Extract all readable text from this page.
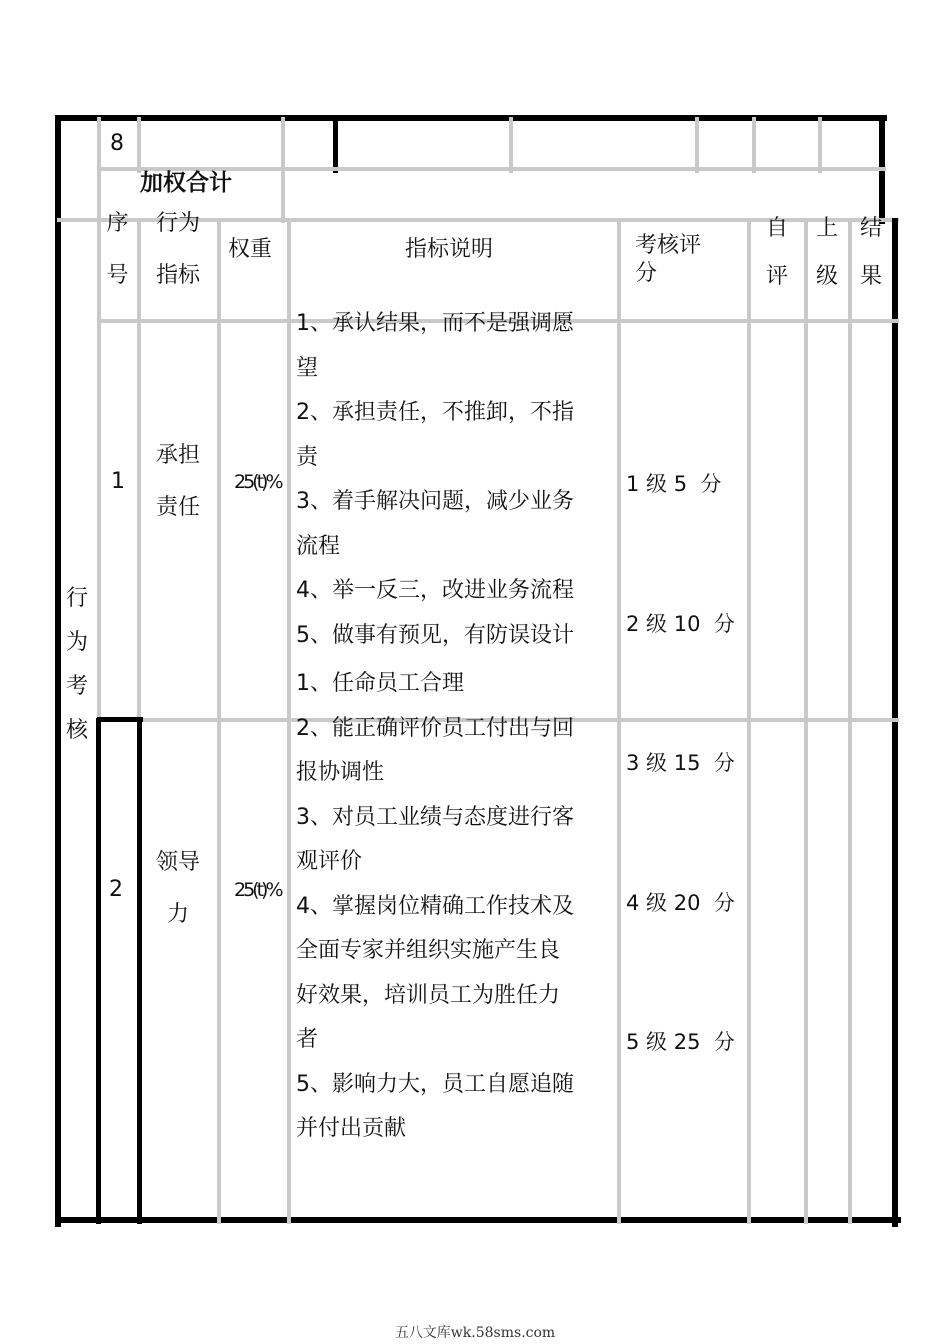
8
加权合计
序
号
行为
指标
权重	指标说明	考核评
分
自
评
上
级
结
果
行
为
考
核
1
承担
责任
25(t)%
1、承认结果，而不是强调愿
望
2、承担责任，不推卸，不指
责
3、着手解决问题，减少业务
流程
4、举一反三，改进业务流程
5、做事有预见，有防误设计

1 级 5  分

2 级 10  分

3 级 15  分

4 级 20  分

5 级 25  分

2
领导
力
25(t)%
1、任命员工合理
2、能正确评价员工付出与回
报协调性
3、对员工业绩与态度进行客
观评价
4、掌握岗位精确工作技术及
全面专家并组织实施产生良
好效果，培训员工为胜任力
者
5、影响力大，员工自愿追随
并付出贡献
五八文库wk.58sms.com
